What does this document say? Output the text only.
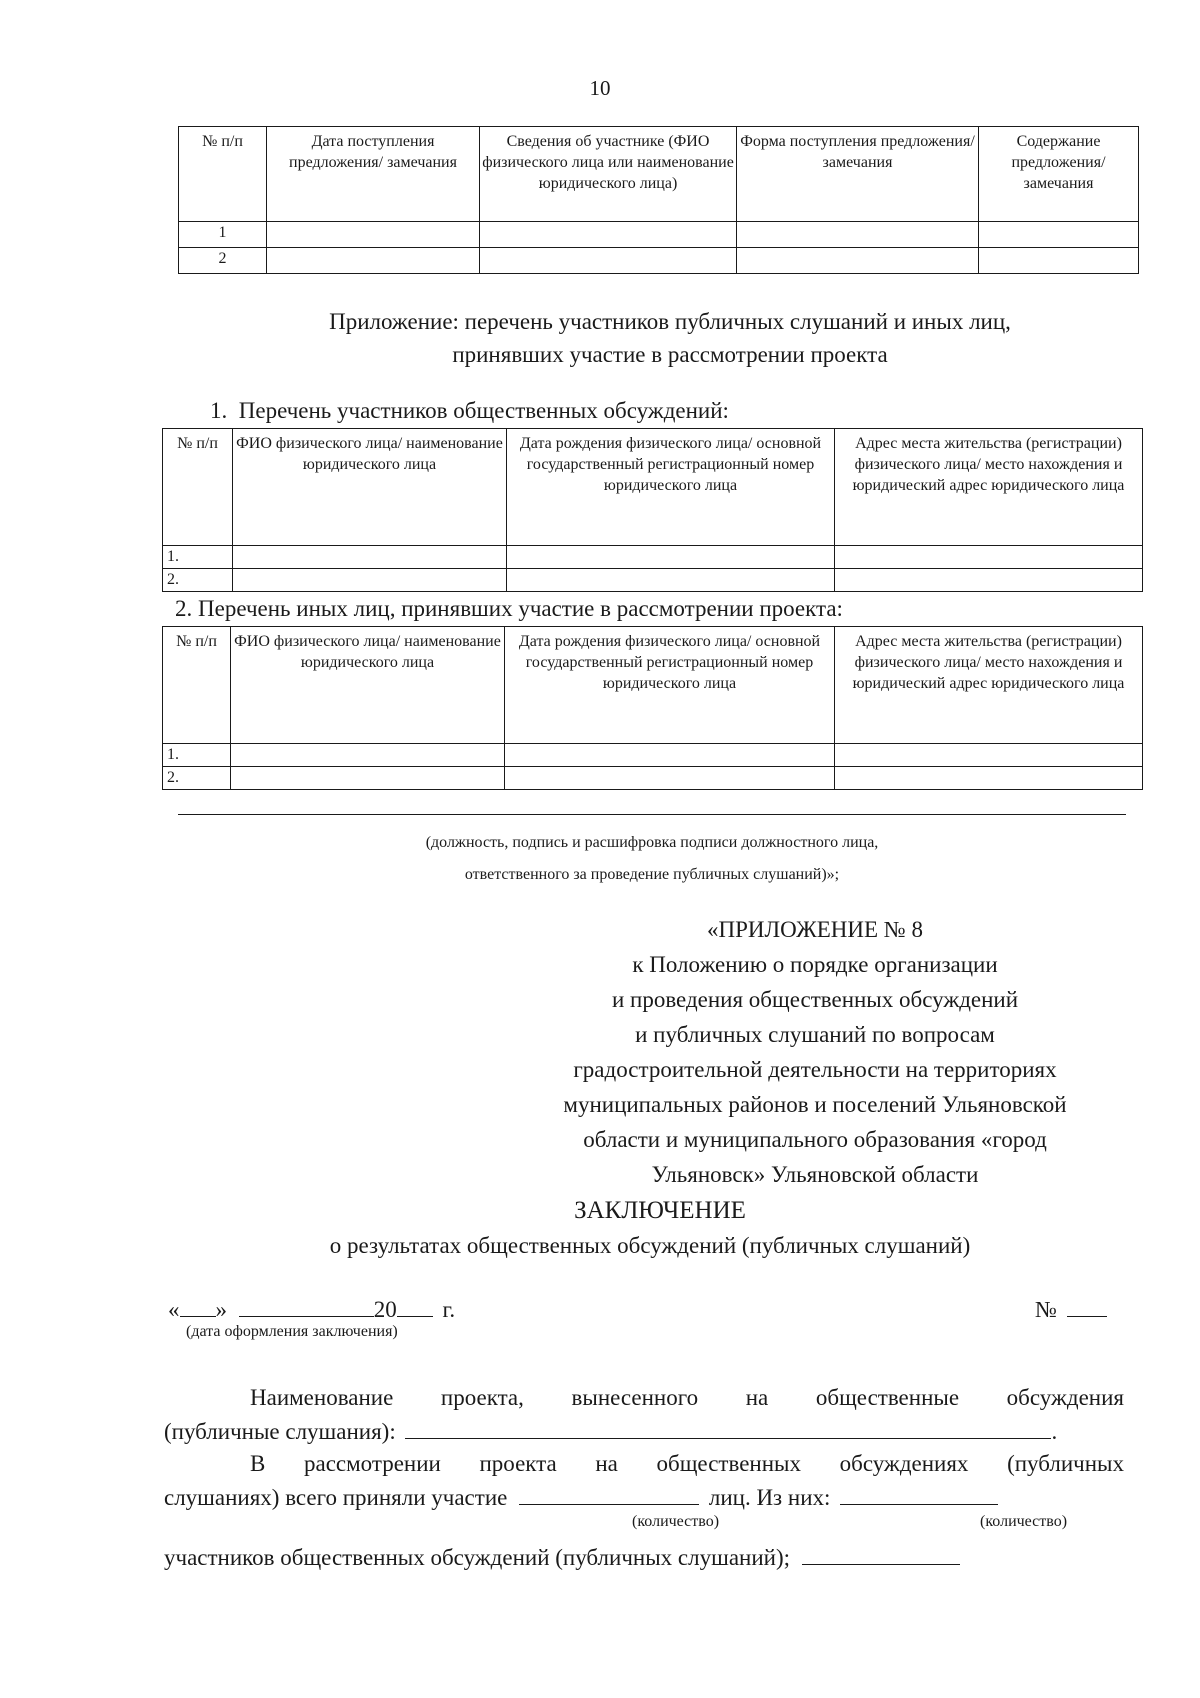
10
№ п/п	Дата поступления предложения/ замечания	Сведения об участнике (ФИО физического лица или наименование юридического лица)	Форма поступления предложения/ замечания	Содержание предложения/ замечания
1				
2				
Приложение: перечень участников публичных слушаний и иных лиц,
принявших участие в рассмотрении проекта
1.  Перечень участников общественных обсуждений:
№ п/п	ФИО физического лица/ наименование юридического лица	Дата рождения физического лица/ основной государственный регистрационный номер юридического лица	Адрес места жительства (регистрации) физического лица/ место нахождения и юридический адрес юридического лица
1.			
2.			
2. Перечень иных лиц, принявших участие в рассмотрении проекта:
№ п/п	ФИО физического лица/ наименование юридического лица	Дата рождения физического лица/ основной государственный регистрационный номер юридического лица	Адрес места жительства (регистрации) физического лица/ место нахождения и юридический адрес юридического лица
1.			
2.			
(должность, подпись и расшифровка подписи должностного лица,
ответственного за проведение публичных слушаний)»;
«ПРИЛОЖЕНИЕ № 8
к Положению о порядке организации
и проведения общественных обсуждений
и публичных слушаний по вопросам
градостроительной деятельности на территориях
муниципальных районов и поселений Ульяновской
области и муниципального образования «город
Ульяновск» Ульяновской области
ЗАКЛЮЧЕНИЕ
о результатах общественных обсуждений (публичных слушаний)
« »	20 г.	№
(дата оформления заключения)
Наименование проекта, вынесенного на общественные обсуждения
(публичные слушания):	.
В рассмотрении проекта на общественных обсуждениях (публичных
слушаниях) всего приняли участие	лиц. Из них:
(количество)	(количество)
участников общественных обсуждений (публичных слушаний);
